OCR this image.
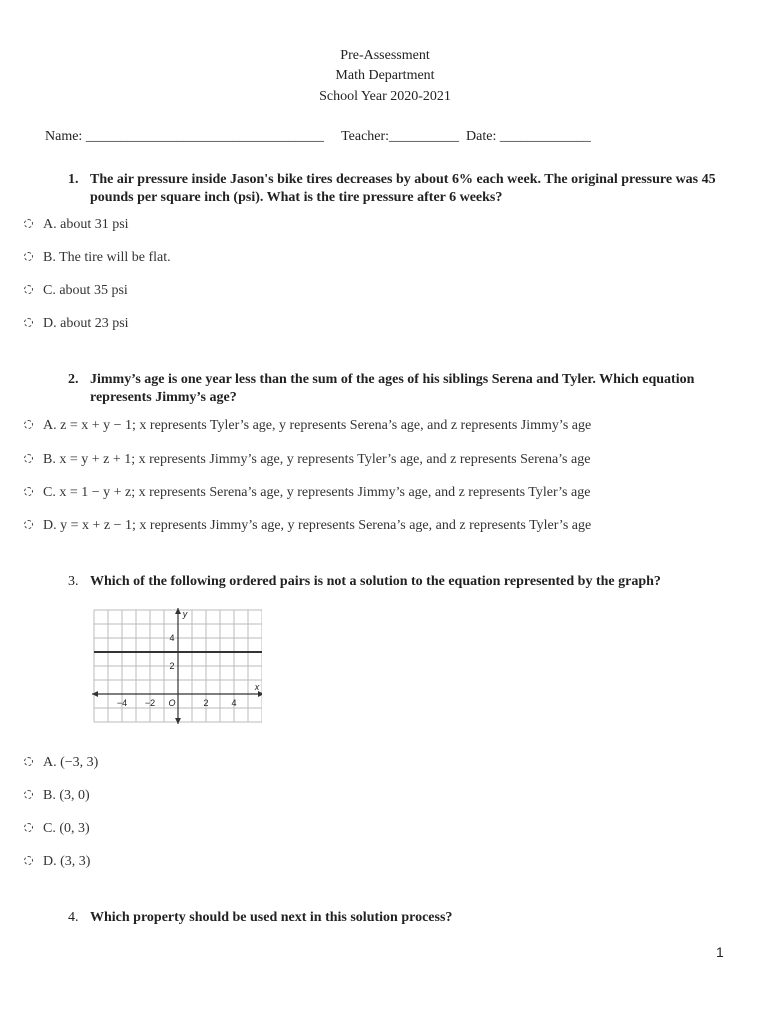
Pre-Assessment
Math Department
School Year 2020-2021
Name: __________________________________     Teacher:__________  Date: _____________
1. The air pressure inside Jason's bike tires decreases by about 6% each week. The original pressure was 45 pounds per square inch (psi). What is the tire pressure after 6 weeks?
A. about 31 psi
B. The tire will be flat.
C. about 35 psi
D. about 23 psi
2. Jimmy’s age is one year less than the sum of the ages of his siblings Serena and Tyler. Which equation represents Jimmy’s age?
A. z = x + y − 1; x represents Tyler’s age, y represents Serena’s age, and z represents Jimmy’s age
B. x = y + z + 1; x represents Jimmy’s age, y represents Tyler’s age, and z represents Serena’s age
C. x = 1 − y + z; x represents Serena’s age, y represents Jimmy’s age, and z represents Tyler’s age
D. y = x + z − 1; x represents Jimmy’s age, y represents Serena’s age, and z represents Tyler’s age
3. Which of the following ordered pairs is not a solution to the equation represented by the graph?
−4 −2	2	4
2
4
O
x
y
A. (−3, 3)
B. (3, 0)
C. (0, 3)
D. (3, 3)
4. Which property should be used next in this solution process?
1
